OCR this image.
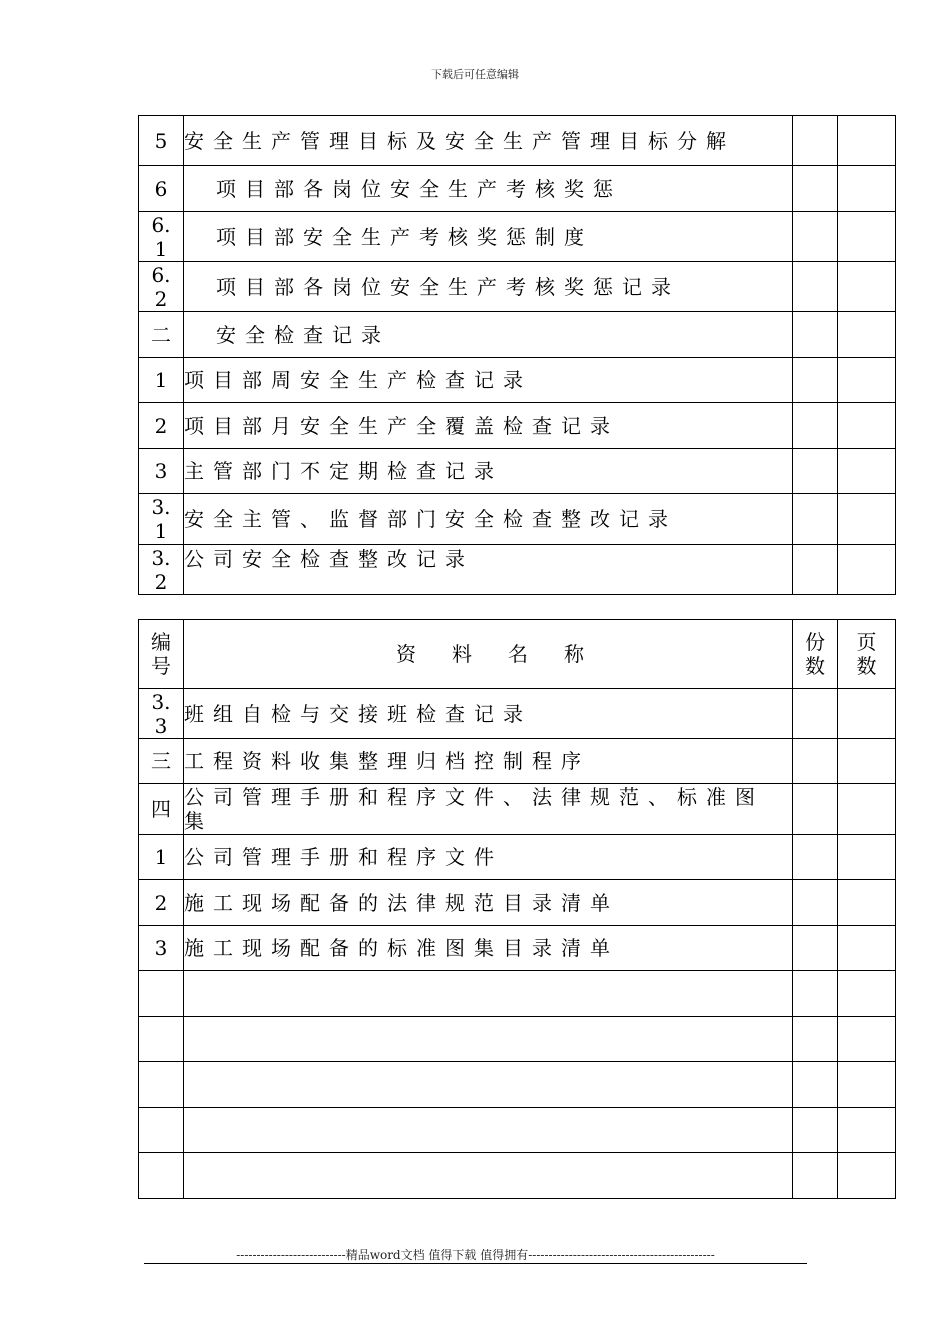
下载后可任意编辑
5	安全生产管理目标及安全生产管理目标分解		
6	项目部各岗位安全生产考核奖惩		
6.1	项目部安全生产考核奖惩制度		
6.2	项目部各岗位安全生产考核奖惩记录		
二	安全检查记录		
1	项目部周安全生产检查记录		
2	项目部月安全生产全覆盖检查记录		
3	主管部门不定期检查记录		
3.1	安全主管、监督部门安全检查整改记录		
3.2	公司安全检查整改记录		
编号	资料名称	份数	页数
3.3	班组自检与交接班检查记录		
三	工程资料收集整理归档控制程序		
四	公司管理手册和程序文件、法律规范、标准图集		
1	公司管理手册和程序文件		
2	施工现场配备的法律规范目录清单		
3	施工现场配备的标准图集目录清单		

---------------------------精品word文档 值得下载 值得拥有----------------------------------------------
